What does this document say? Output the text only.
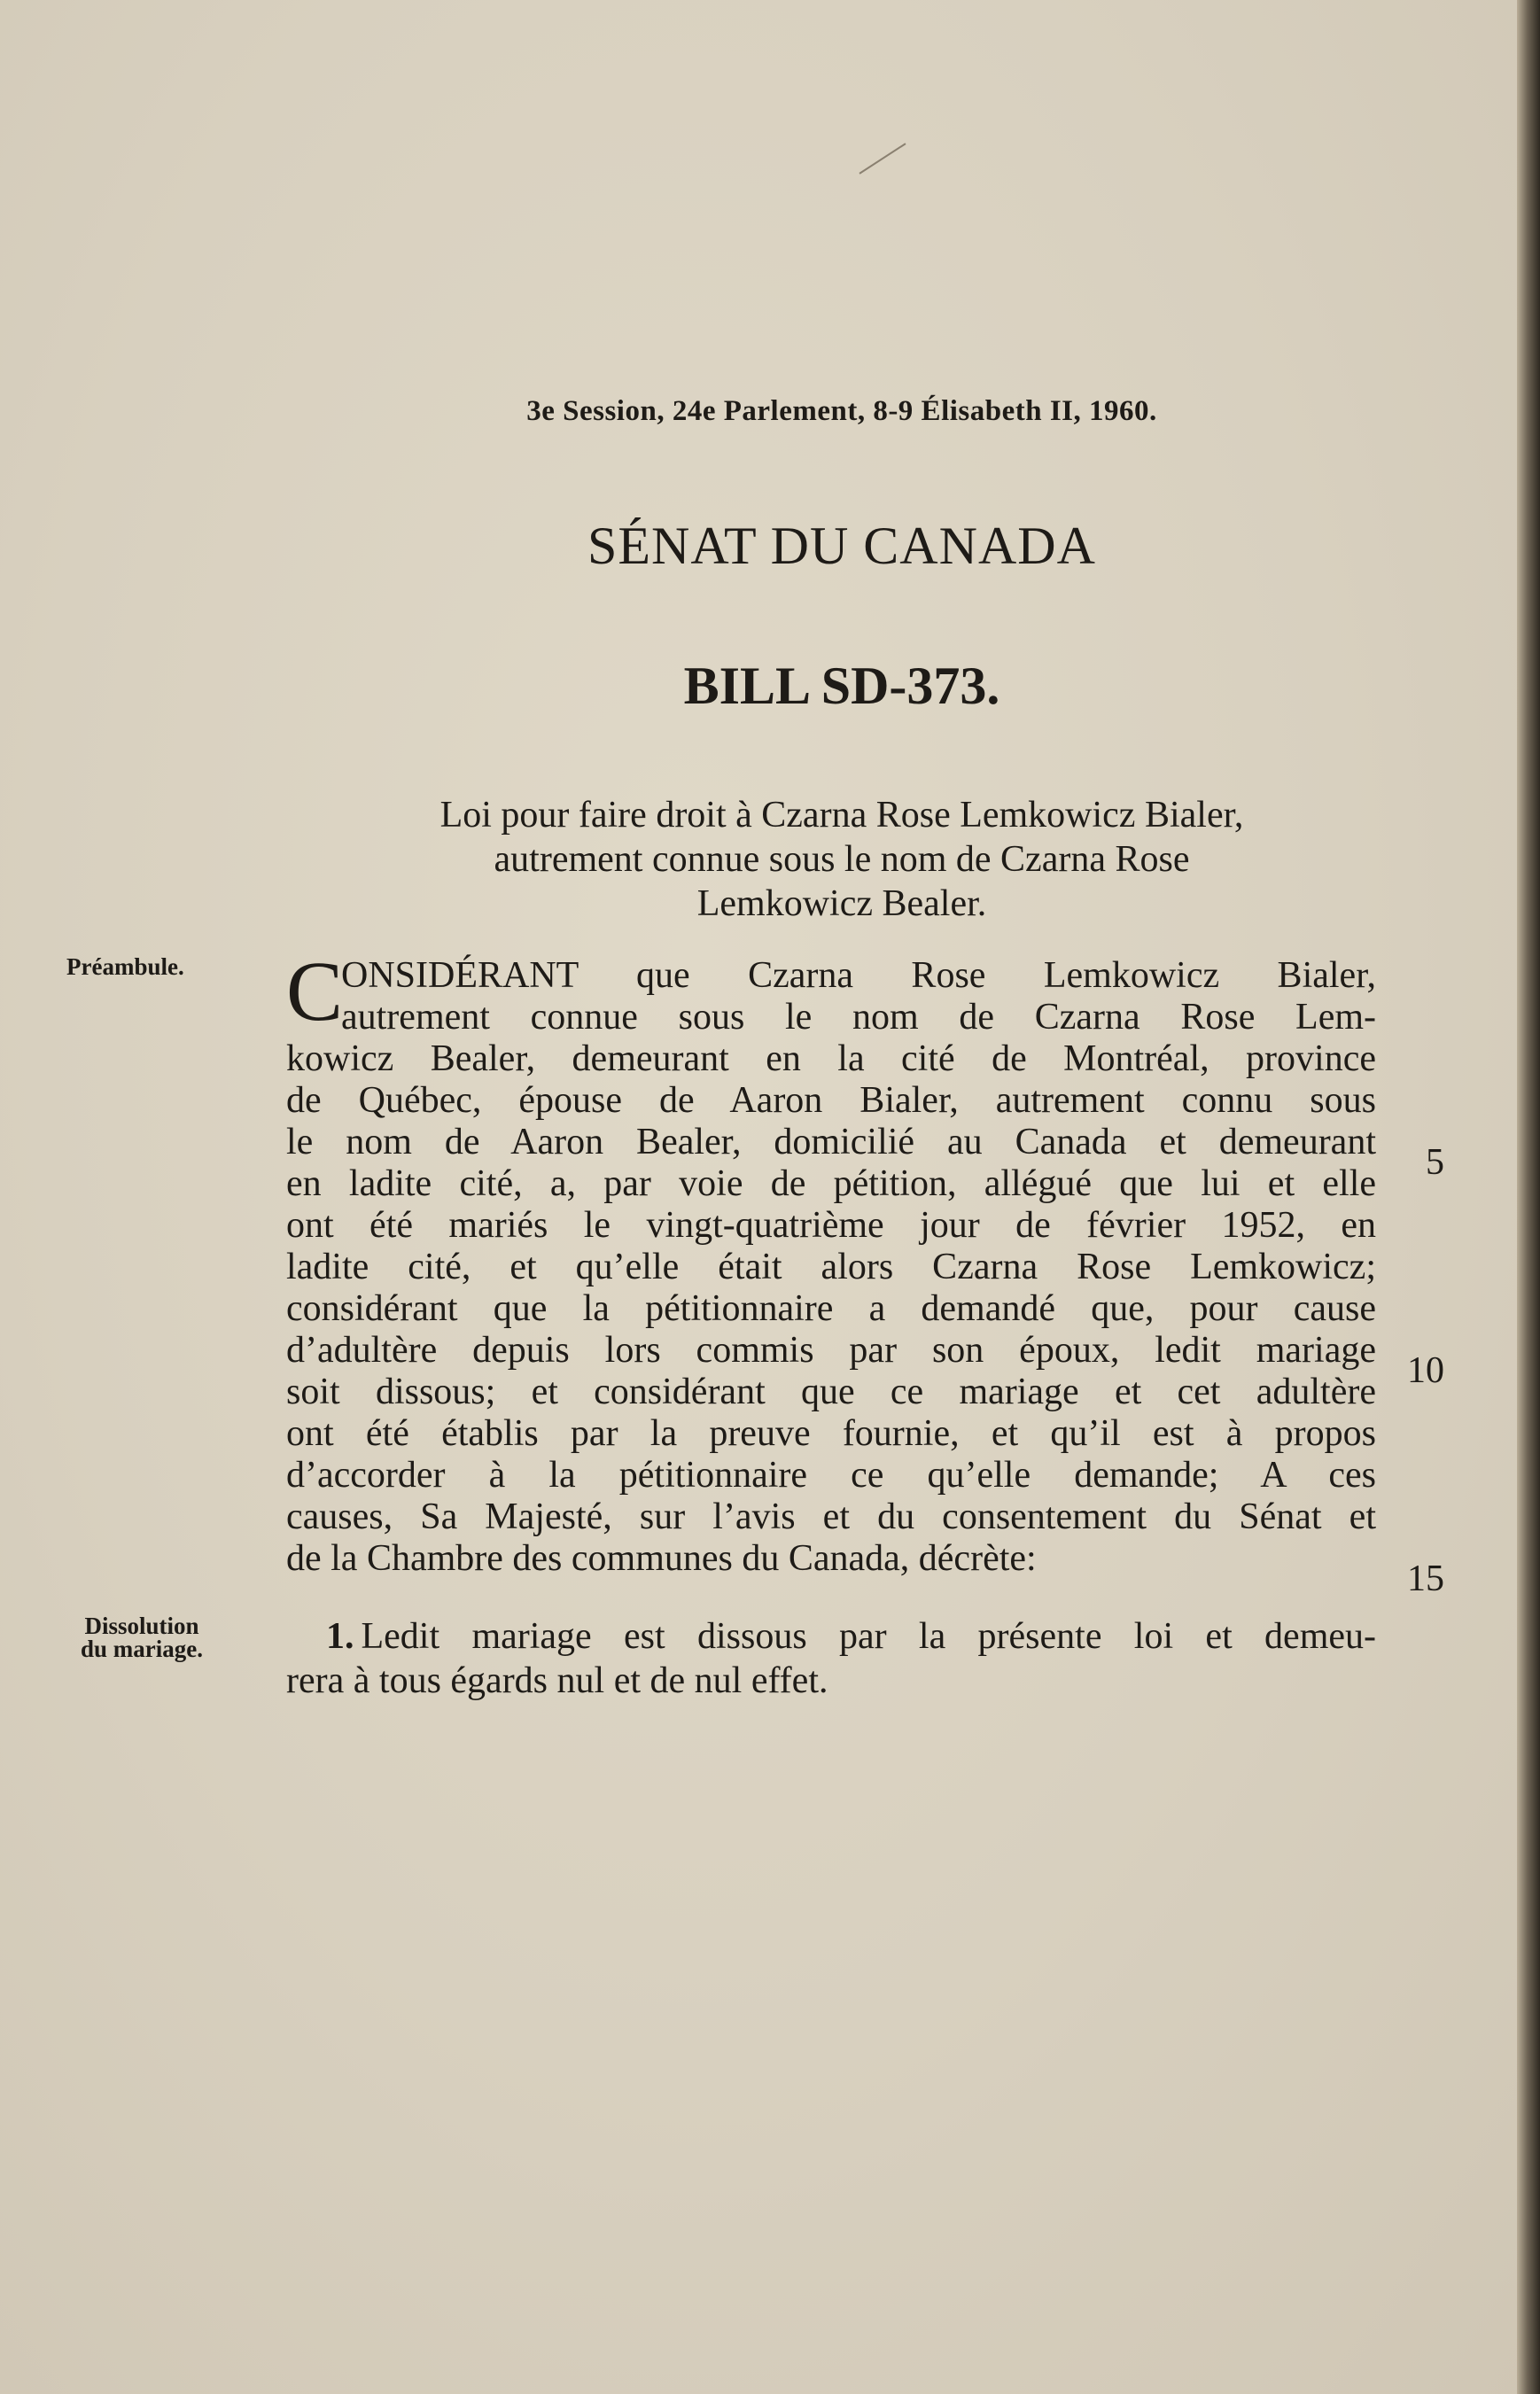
3e Session, 24e Parlement, 8-9 Élisabeth II, 1960.
SÉNAT DU CANADA
BILL SD-373.
Loi pour faire droit à Czarna Rose Lemkowicz Bialer,
autrement connue sous le nom de Czarna Rose
Lemkowicz Bealer.
Préambule.	C
ONSIDÉRANT que Czarna Rose Lemkowicz Bialer,
autrement connue sous le nom de Czarna Rose Lem-
kowicz Bealer, demeurant en la cité de Montréal, province
de Québec, épouse de Aaron Bialer, autrement connu sous
le nom de Aaron Bealer, domicilié au Canada et demeurant
en ladite cité, a, par voie de pétition, allégué que lui et elle
ont été mariés le vingt-quatrième jour de février 1952, en
ladite cité, et qu’elle était alors Czarna Rose Lemkowicz;
considérant que la pétitionnaire a demandé que, pour cause
d’adultère depuis lors commis par son époux, ledit mariage
soit dissous; et considérant que ce mariage et cet adultère
ont été établis par la preuve fournie, et qu’il est à propos
d’accorder à la pétitionnaire ce qu’elle demande; A ces
causes, Sa Majesté, sur l’avis et du consentement du Sénat et
de la Chambre des communes du Canada, décrète:
5
10
15
Dissolution
du mariage.	1. Ledit mariage est dissous par la présente loi et demeu-
rera à tous égards nul et de nul effet.
